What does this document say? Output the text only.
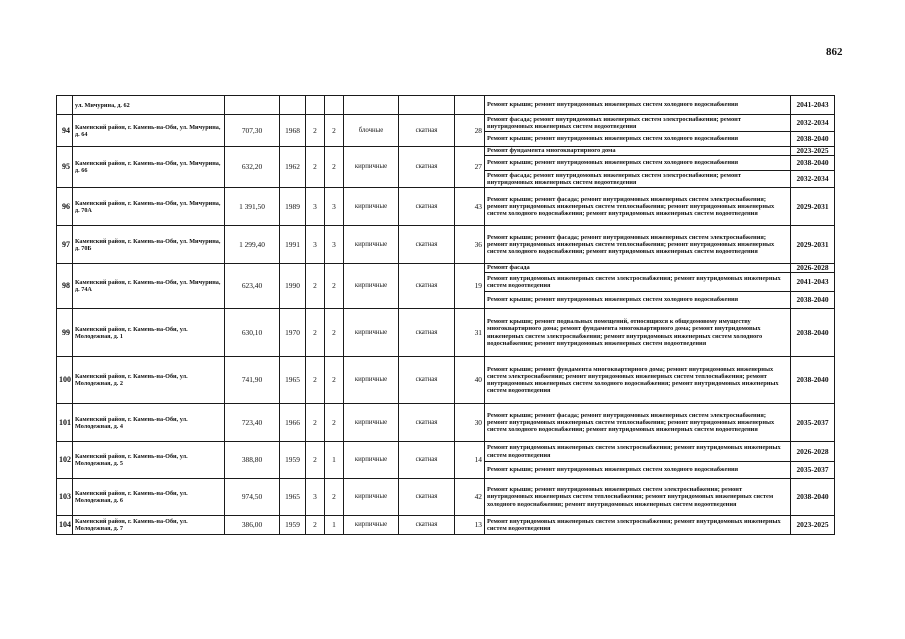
862
	ул. Мичурина, д. 62								Ремонт крыши; ремонт внутридомовых инженерных систем холодного водоснабжения	2041-2043
94	Каменский район, г. Камень-на-Оби, ул. Мичурина, д. 64	707,30	1968	2	2	блочные	скатная	28	Ремонт фасада; ремонт внутридомовых инженерных систем электроснабжения; ремонт внутридомовых инженерных систем водоотведения	2032-2034
									Ремонт крыши; ремонт внутридомовых инженерных систем холодного водоснабжения	2038-2040
95	Каменский район, г. Камень-на-Оби, ул. Мичурина, д. 66	632,20	1962	2	2	кирпичные	скатная	27	Ремонт фундамента многоквартирного дома	2023-2025
									Ремонт крыши; ремонт внутридомовых инженерных систем холодного водоснабжения	2038-2040
									Ремонт фасада; ремонт внутридомовых инженерных систем электроснабжения; ремонт внутридомовых инженерных систем водоотведения	2032-2034
96	Каменский район, г. Камень-на-Оби, ул. Мичурина, д. 70А	1 391,50	1989	3	3	кирпичные	скатная	43	Ремонт крыши; ремонт фасада; ремонт внутридомовых инженерных систем электроснабжения; ремонт внутридомовых инженерных систем теплоснабжения; ремонт внутридомовых инженерных систем холодного водоснабжения; ремонт внутридомовых инженерных систем водоотведения	2029-2031
97	Каменский район, г. Камень-на-Оби, ул. Мичурина, д. 70Б	1 299,40	1991	3	3	кирпичные	скатная	36	Ремонт крыши; ремонт фасада; ремонт внутридомовых инженерных систем электроснабжения; ремонт внутридомовых инженерных систем теплоснабжения; ремонт внутридомовых инженерных систем холодного водоснабжения; ремонт внутридомовых инженерных систем водоотведения	2029-2031
98	Каменский район, г. Камень-на-Оби, ул. Мичурина, д. 74А	623,40	1990	2	2	кирпичные	скатная	19	Ремонт фасада	2026-2028
									Ремонт внутридомовых инженерных систем электроснабжения; ремонт внутридомовых инженерных систем водоотведения	2041-2043
									Ремонт крыши; ремонт внутридомовых инженерных систем холодного водоснабжения	2038-2040
99	Каменский район, г. Камень-на-Оби, ул. Молодежная, д. 1	630,10	1970	2	2	кирпичные	скатная	31	Ремонт крыши; ремонт подвальных помещений, относящихся к общедомовому имуществу многоквартирного дома; ремонт фундамента многоквартирного дома; ремонт внутридомовых инженерных систем электроснабжения; ремонт внутридомовых инженерных систем холодного водоснабжения; ремонт внутридомовых инженерных систем водоотведения	2038-2040
100	Каменский район, г. Камень-на-Оби, ул. Молодежная, д. 2	741,90	1965	2	2	кирпичные	скатная	40	Ремонт крыши; ремонт фундамента многоквартирного дома; ремонт внутридомовых инженерных систем электроснабжения; ремонт внутридомовых инженерных систем теплоснабжения; ремонт внутридомовых инженерных систем холодного водоснабжения; ремонт внутридомовых инженерных систем водоотведения	2038-2040
101	Каменский район, г. Камень-на-Оби, ул. Молодежная, д. 4	723,40	1966	2	2	кирпичные	скатная	30	Ремонт крыши; ремонт фасада; ремонт внутридомовых инженерных систем электроснабжения; ремонт внутридомовых инженерных систем теплоснабжения; ремонт внутридомовых инженерных систем холодного водоснабжения; ремонт внутридомовых инженерных систем водоотведения	2035-2037
102	Каменский район, г. Камень-на-Оби, ул. Молодежная, д. 5	388,80	1959	2	1	кирпичные	скатная	14	Ремонт внутридомовых инженерных систем электроснабжения; ремонт внутридомовых инженерных систем водоотведения	2026-2028
									Ремонт крыши; ремонт внутридомовых инженерных систем холодного водоснабжения	2035-2037
103	Каменский район, г. Камень-на-Оби, ул. Молодежная, д. 6	974,50	1965	3	2	кирпичные	скатная	42	Ремонт крыши; ремонт внутридомовых инженерных систем электроснабжения; ремонт внутридомовых инженерных систем теплоснабжения; ремонт внутридомовых инженерных систем холодного водоснабжения; ремонт внутридомовых инженерных систем водоотведения	2038-2040
104	Каменский район, г. Камень-на-Оби, ул. Молодежная, д. 7	386,00	1959	2	1	кирпичные	скатная	13	Ремонт внутридомовых инженерных систем электроснабжения; ремонт внутридомовых инженерных систем водоотведения	2023-2025
